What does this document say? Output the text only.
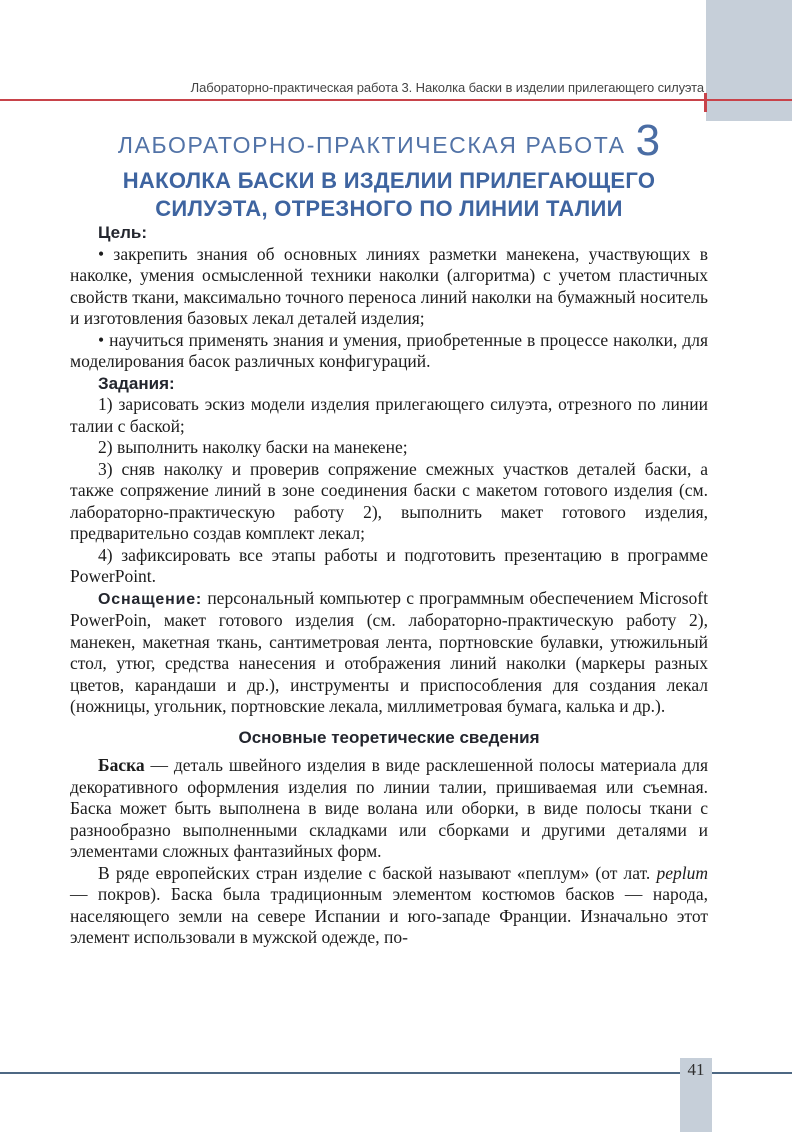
Лабораторно-практическая работа 3. Наколка баски в изделии прилегающего силуэта
ЛАБОРАТОРНО-ПРАКТИЧЕСКАЯ РАБОТА 3
НАКОЛКА БАСКИ В ИЗДЕЛИИ ПРИЛЕГАЮЩЕГО
СИЛУЭТА, ОТРЕЗНОГО ПО ЛИНИИ ТАЛИИ
Цель:

• закрепить знания об основных линиях разметки манекена, участвующих в наколке, умения осмысленной техники наколки (алгоритма) с учетом пластичных свойств ткани, максимально точного переноса линий наколки на бумажный носитель и изготовления базовых лекал деталей изделия;

• научиться применять знания и умения, приобретенные в процессе наколки, для моделирования басок различных конфигураций.

Задания:

1) зарисовать эскиз модели изделия прилегающего силуэта, отрезного по линии талии с баской;

2) выполнить наколку баски на манекене;

3) сняв наколку и проверив сопряжение смежных участков деталей баски, а также сопряжение линий в зоне соединения баски с макетом готового изделия (см. лабораторно-практическую работу 2), выполнить макет готового изделия, предварительно создав комплект лекал;

4) зафиксировать все этапы работы и подготовить презентацию в программе PowerPoint.

Оснащение: персональный компьютер с программным обеспечением Microsoft PowerPoin, макет готового изделия (см. лабораторно-практическую работу 2), манекен, макетная ткань, сантиметровая лента, портновские булавки, утюжильный стол, утюг, средства нанесения и отображения линий наколки (маркеры разных цветов, карандаши и др.), инструменты и приспособления для создания лекал (ножницы, угольник, портновские лекала, миллиметровая бумага, калька и др.).

Основные теоретические сведения

Баска — деталь швейного изделия в виде расклешенной полосы материала для декоративного оформления изделия по линии талии, пришиваемая или съемная. Баска может быть выполнена в виде волана или оборки, в виде полосы ткани с разнообразно выполненными складками или сборками и другими деталями и элементами сложных фантазийных форм.

В ряде европейских стран изделие с баской называют «пеплум» (от лат. peplum — покров). Баска была традиционным элементом костюмов басков — народа, населяющего земли на севере Испании и юго-западе Франции. Изначально этот элемент использовали в мужской одежде, по-

41
